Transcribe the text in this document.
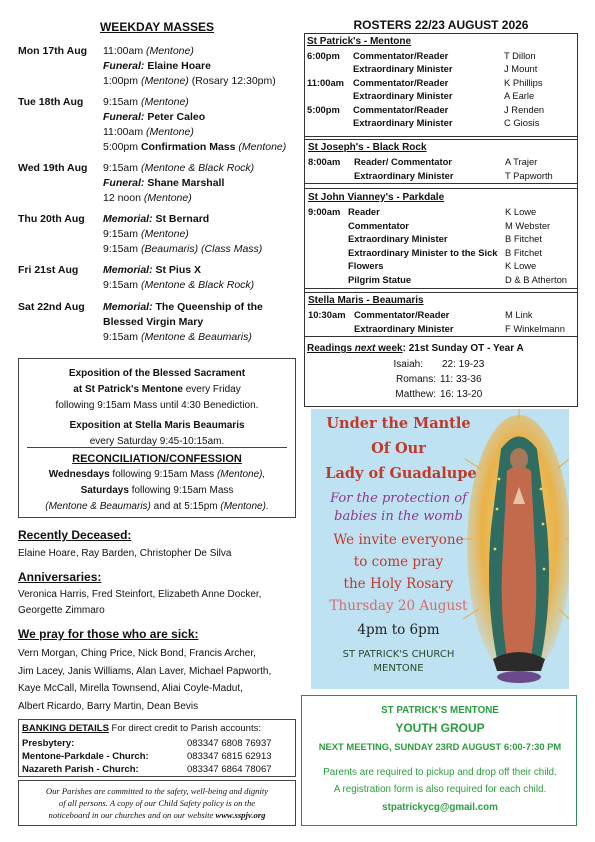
WEEKDAY MASSES
Mon 17th Aug 11:00am (Mentone)
Funeral: Elaine Hoare
1:00pm (Mentone) (Rosary 12:30pm)
Tue 18th Aug 9:15am (Mentone)
Funeral: Peter Caleo
11:00am (Mentone)
5:00pm Confirmation Mass (Mentone)
Wed 19th Aug 9:15am (Mentone & Black Rock)
Funeral: Shane Marshall
12 noon (Mentone)
Thu 20th Aug Memorial: St Bernard
9:15am (Mentone)
9:15am (Beaumaris) (Class Mass)
Fri 21st Aug Memorial: St Pius X
9:15am (Mentone & Black Rock)
Sat 22nd Aug Memorial: The Queenship of the
Blessed Virgin Mary
9:15am (Mentone & Beaumaris)
Exposition of the Blessed Sacrament
at St Patrick's Mentone every Friday
following 9:15am Mass until 4:30 Benediction.
Exposition at Stella Maris Beaumaris
every Saturday 9:45-10:15am.
RECONCILIATION/CONFESSION
Wednesdays following 9:15am Mass (Mentone),
Saturdays following 9:15am Mass
(Mentone & Beaumaris) and at 5:15pm (Mentone).
Recently Deceased:
Elaine Hoare, Ray Barden, Christopher De Silva
Anniversaries:
Veronica Harris, Fred Steinfort, Elizabeth Anne Docker,
Georgette Zimmaro
We pray for those who are sick:
Vern Morgan, Ching Price, Nick Bond, Francis Archer,
Jim Lacey, Janis Williams, Alan Laver, Michael Papworth,
Kaye McCall, Mirella Townsend, Aliai Coyle-Madut,
Albert Ricardo, Barry Martin, Dean Bevis
BANKING DETAILS For direct credit to Parish accounts:
Presbytery:	083347 6808 76937
Mentone-Parkdale - Church:	083347 6815 62913
Nazareth Parish - Church:	083347 6864 78067
Our Parishes are committed to the safety, well-being and dignity
of all persons. A copy of our Child Safety policy is on the
noticeboard in our churches and on our website www.sspjv.org
ROSTERS 22/23 AUGUST 2026
St Patrick's - Mentone
6:00pm Commentator/Reader	T Dillon
Extraordinary Minister	J Mount
11:00am Commentator/Reader	K Phillips
Extraordinary Minister	A Earle
5:00pm Commentator/Reader	J Renden
Extraordinary Minister	C Giosis
St Joseph's - Black Rock
8:00am Reader/ Commentator	A Trajer
Extraordinary Minister	T Papworth
St John Vianney's - Parkdale
9:00am Reader	K Lowe
Commentator	M Webster
Extraordinary Minister	B Fitchet
Extraordinary Minister to the Sick B Fitchet
Flowers	K Lowe
Pilgrim Statue	D & B Atherton
Stella Maris - Beaumaris
10:30am Commentator/Reader	M Link
Extraordinary Minister	F Winkelmann
Readings next week: 21st Sunday OT - Year A
Isaiah: 22: 19-23
Romans: 11: 33-36
Matthew: 16: 13-20
Under the Mantle
Of Our
Lady of Guadalupe
For the protection of
babies in the womb
We invite everyone
to come pray
the Holy Rosary
Thursday 20 August
4pm to 6pm
ST PATRICK'S CHURCH
MENTONE
ST PATRICK'S MENTONE
YOUTH GROUP
NEXT MEETING, SUNDAY 23RD AUGUST 6:00-7:30 PM
Parents are required to pickup and drop off their child.
A registration form is also required for each child.
stpatrickycg@gmail.com
